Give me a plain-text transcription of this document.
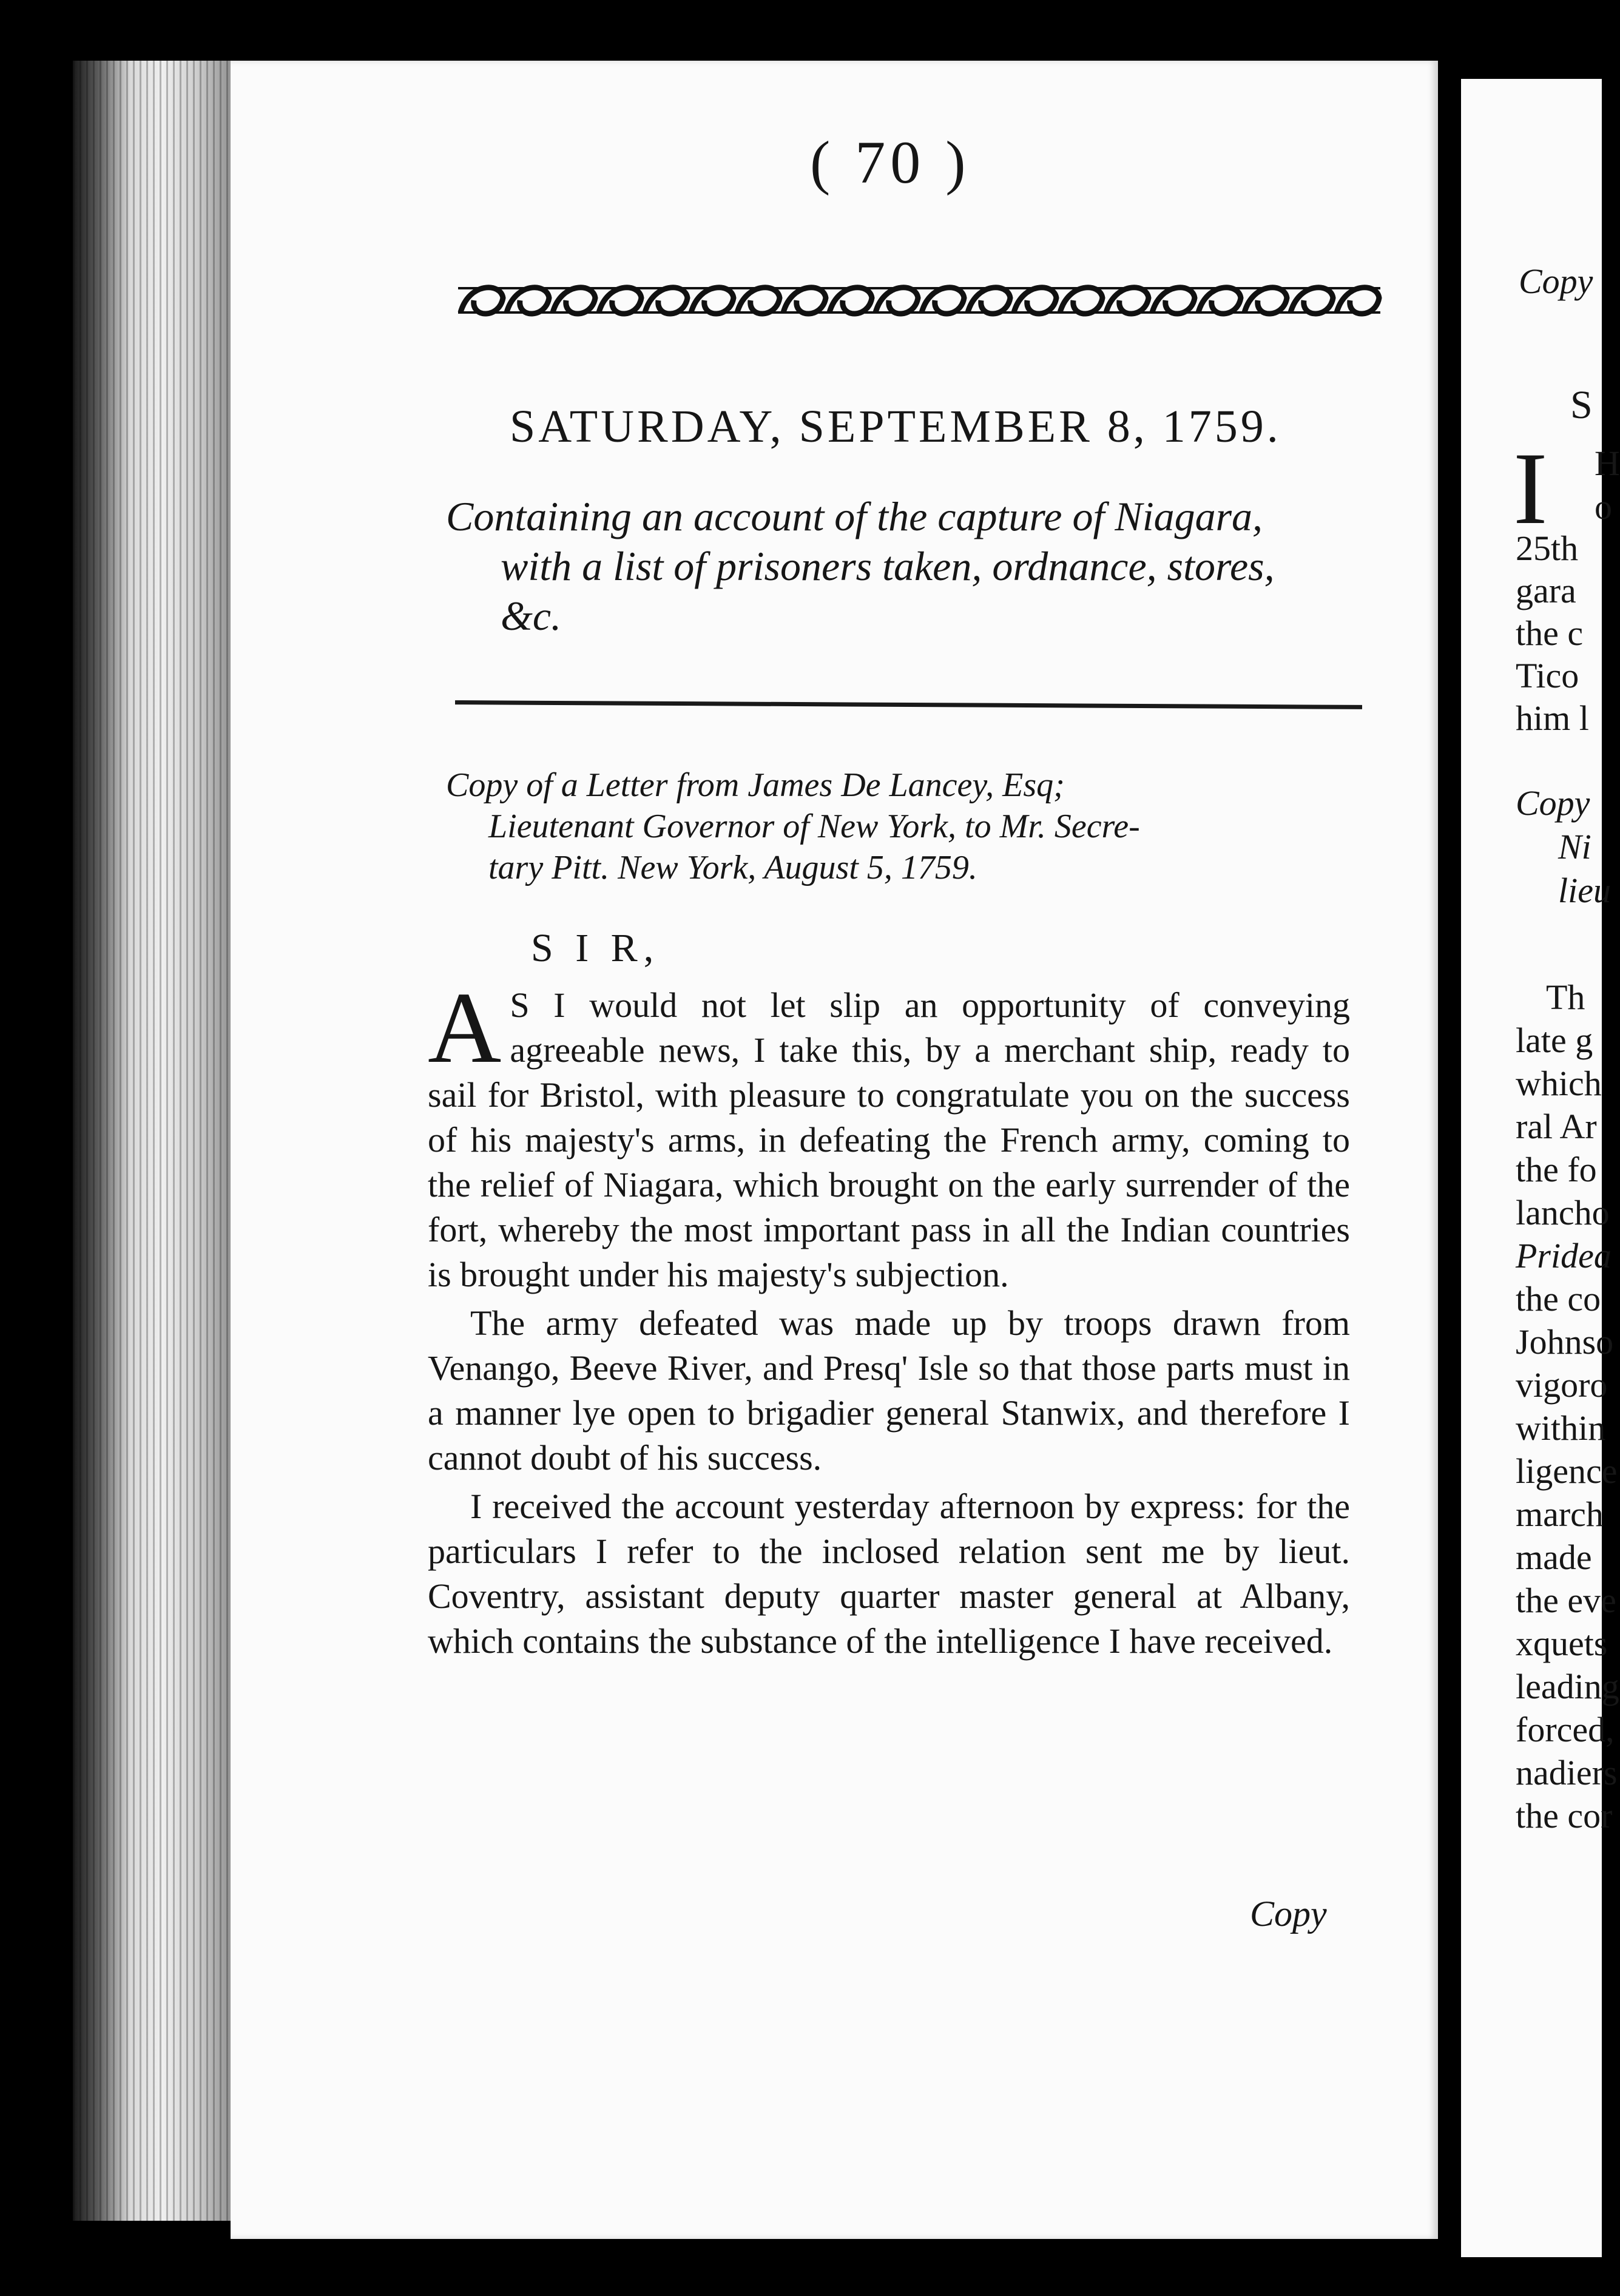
( 70 )
SATURDAY, SEPTEMBER 8, 1759.
Containing an account of the capture of Niagara,
with a list of prisoners taken, ordnance, stores,
&c.
Copy of a Letter from James De Lancey, Esq;
Lieutenant Governor of New York, to Mr. Secre-
tary Pitt. New York, August 5, 1759.
S I R,

A S I would not let slip an opportunity of conveying agreeable news, I take this, by a merchant ship, ready to sail for Bristol, with pleasure to congratulate you on the success of his majesty's arms, in defeating the French army, coming to the relief of Niagara, which brought on the early surrender of the fort, whereby the most important pass in all the Indian countries is brought under his majesty's subjection.

The army defeated was made up by troops drawn from Venango, Beeve River, and Presq' Isle so that those parts must in a manner lye open to brigadier general Stanwix, and therefore I cannot doubt of his success.

I received the account yesterday afternoon by express: for the particulars I refer to the inclosed relation sent me by lieut. Coventry, assistant deputy quarter master general at Albany, which contains the substance of the intelligence I have received.

Copy
Copy
S
I H
o
25th
gara
the c
Tico
him l
Copy
Ni
lieu
Th
late g
which
ral Ar
the fo
lancho
Pridea
the co
Johnso
vigoro
within
ligence
march
made
the eve
xquets
leading
forced,
nadiers
the cor
